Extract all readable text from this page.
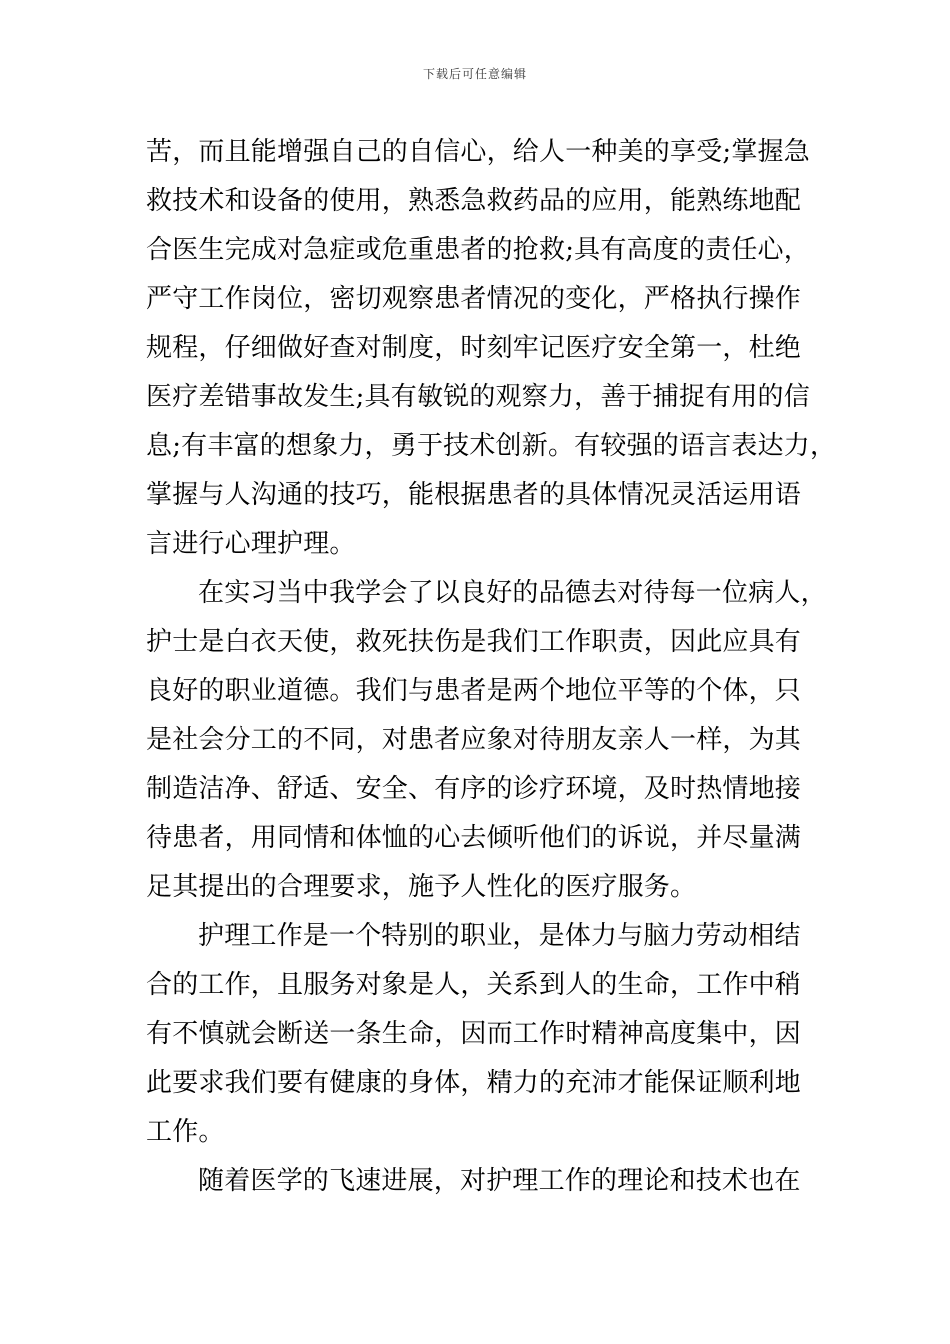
下载后可任意编辑
苦，而且能增强自己的自信心，给人一种美的享受;掌握急
救技术和设备的使用，熟悉急救药品的应用，能熟练地配
合医生完成对急症或危重患者的抢救;具有高度的责任心，
严守工作岗位，密切观察患者情况的变化，严格执行操作
规程，仔细做好查对制度，时刻牢记医疗安全第一，杜绝
医疗差错事故发生;具有敏锐的观察力，善于捕捉有用的信
息;有丰富的想象力，勇于技术创新。有较强的语言表达力，
掌握与人沟通的技巧，能根据患者的具体情况灵活运用语
言进行心理护理。
在实习当中我学会了以良好的品德去对待每一位病人，
护士是白衣天使，救死扶伤是我们工作职责，因此应具有
良好的职业道德。我们与患者是两个地位平等的个体，只
是社会分工的不同，对患者应象对待朋友亲人一样，为其
制造洁净、舒适、安全、有序的诊疗环境，及时热情地接
待患者，用同情和体恤的心去倾听他们的诉说，并尽量满
足其提出的合理要求，施予人性化的医疗服务。
护理工作是一个特别的职业，是体力与脑力劳动相结
合的工作，且服务对象是人，关系到人的生命，工作中稍
有不慎就会断送一条生命，因而工作时精神高度集中，因
此要求我们要有健康的身体，精力的充沛才能保证顺利地
工作。
随着医学的飞速进展，对护理工作的理论和技术也在
